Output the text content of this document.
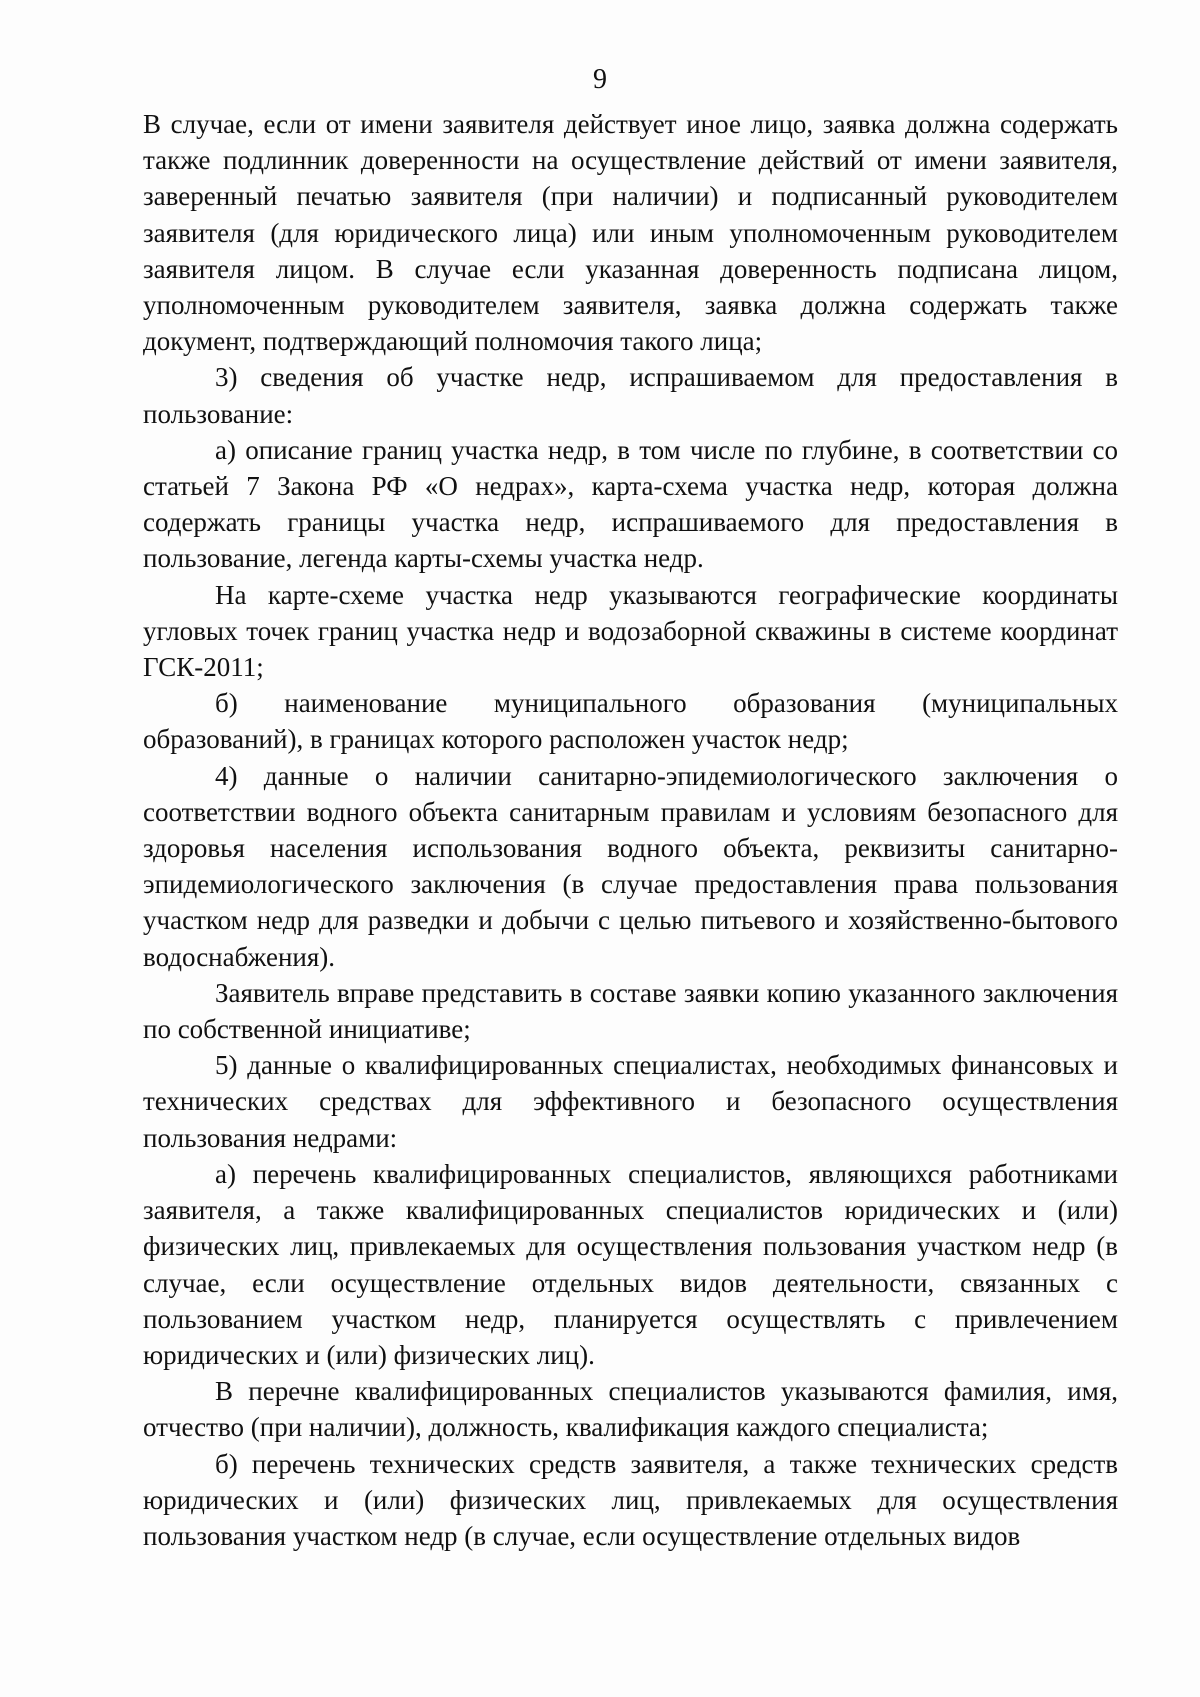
9

В случае, если от имени заявителя действует иное лицо, заявка должна содержать также подлинник доверенности на осуществление действий от имени заявителя, заверенный печатью заявителя (при наличии) и подписанный руководителем заявителя (для юридического лица) или иным уполномоченным руководителем заявителя лицом. В случае если указанная доверенность подписана лицом, уполномоченным руководителем заявителя, заявка должна содержать также документ, подтверждающий полномочия такого лица;

3) сведения об участке недр, испрашиваемом для предоставления в пользование:

а) описание границ участка недр, в том числе по глубине, в соответствии со статьей 7 Закона РФ «О недрах», карта-схема участка недр, которая должна содержать границы участка недр, испрашиваемого для предоставления в пользование, легенда карты-схемы участка недр.

На карте-схеме участка недр указываются географические координаты угловых точек границ участка недр и водозаборной скважины в системе координат ГСК-2011;

б) наименование муниципального образования (муниципальных образований), в границах которого расположен участок недр;

4) данные о наличии санитарно-эпидемиологического заключения о соответствии водного объекта санитарным правилам и условиям безопасного для здоровья населения использования водного объекта, реквизиты санитарно-эпидемиологического заключения (в случае предоставления права пользования участком недр для разведки и добычи с целью питьевого и хозяйственно-бытового водоснабжения).

Заявитель вправе представить в составе заявки копию указанного заключения по собственной инициативе;

5) данные о квалифицированных специалистах, необходимых финансовых и технических средствах для эффективного и безопасного осуществления пользования недрами:

а) перечень квалифицированных специалистов, являющихся работниками заявителя, а также квалифицированных специалистов юридических и (или) физических лиц, привлекаемых для осуществления пользования участком недр (в случае, если осуществление отдельных видов деятельности, связанных с пользованием участком недр, планируется осуществлять с привлечением юридических и (или) физических лиц).

В перечне квалифицированных специалистов указываются фамилия, имя, отчество (при наличии), должность, квалификация каждого специалиста;

б) перечень технических средств заявителя, а также технических средств юридических и (или) физических лиц, привлекаемых для осуществления пользования участком недр (в случае, если осуществление отдельных видов
